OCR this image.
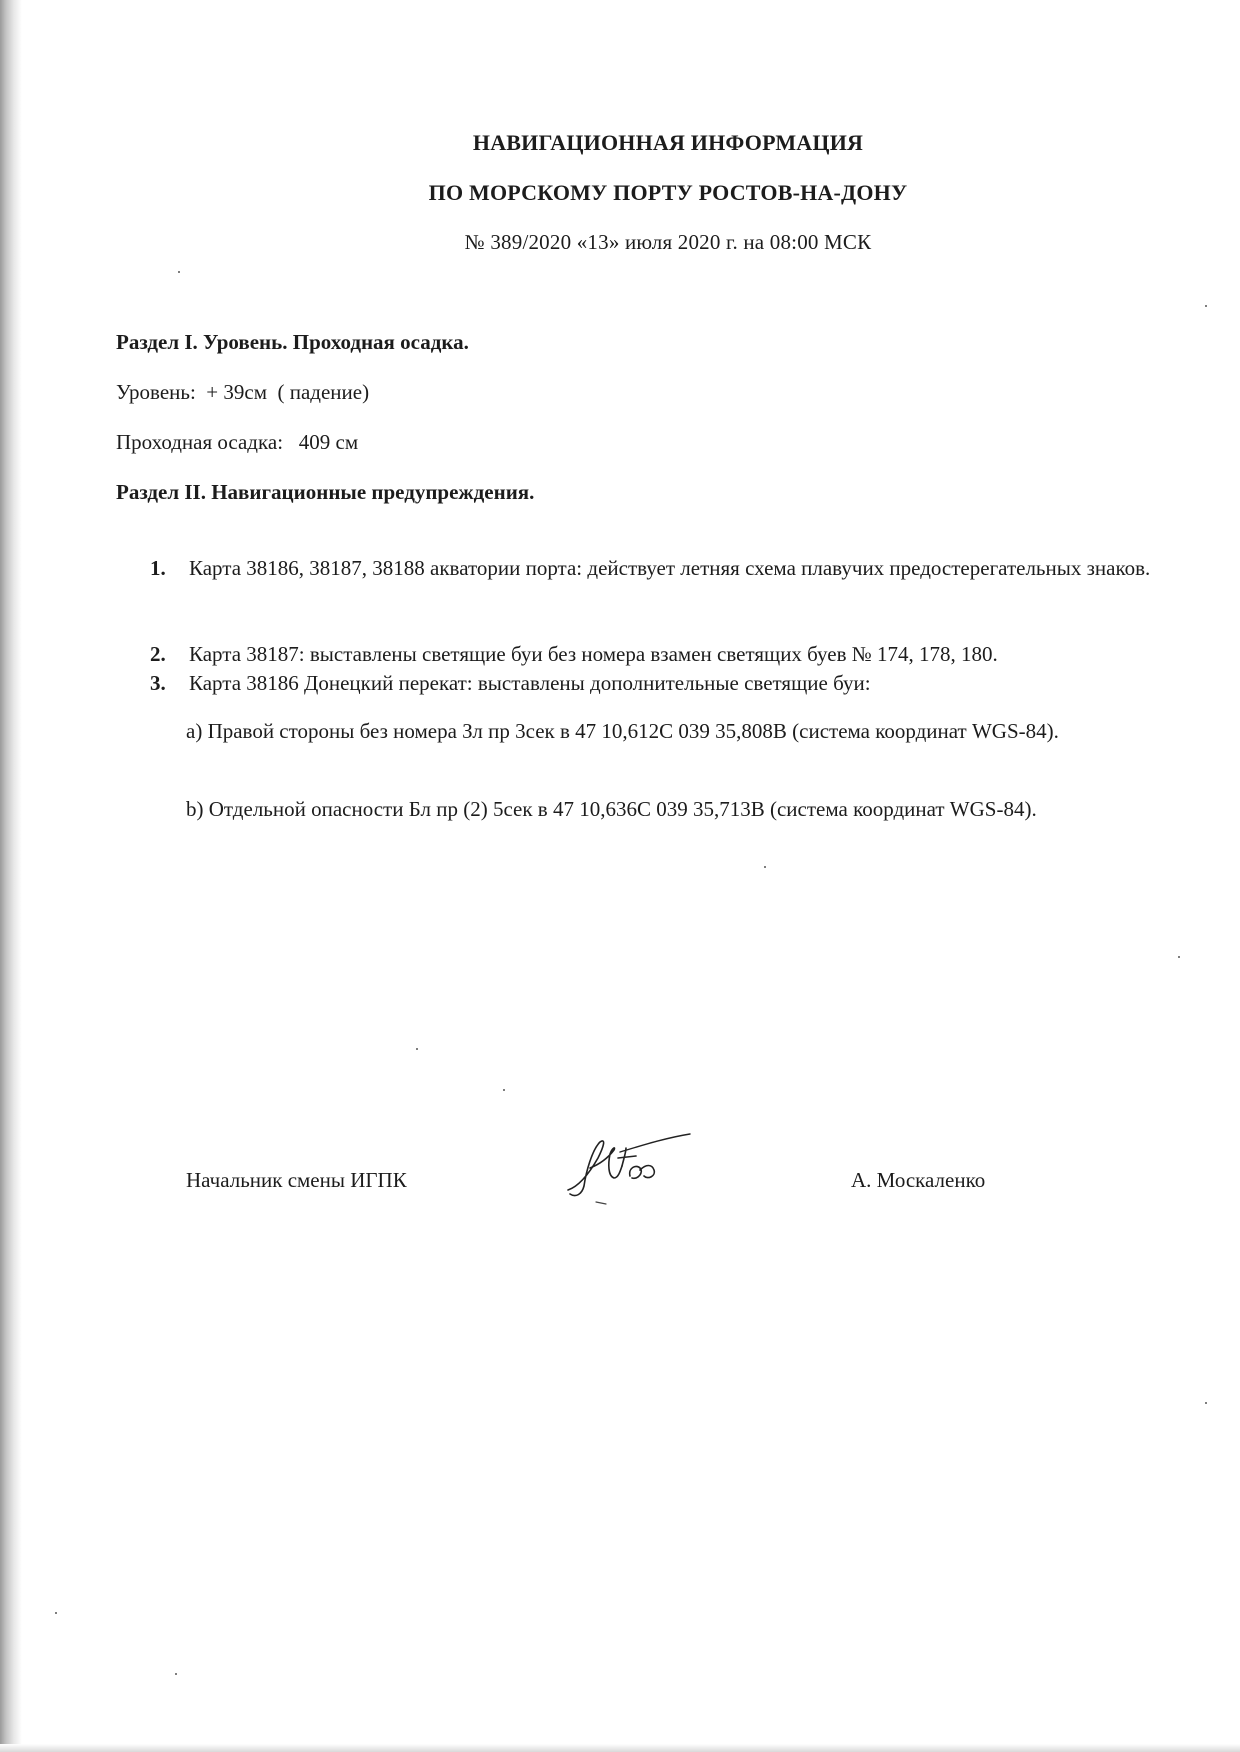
НАВИГАЦИОННАЯ ИНФОРМАЦИЯ
ПО МОРСКОМУ ПОРТУ РОСТОВ-НА-ДОНУ
№ 389/2020 «13» июля 2020 г. на 08:00 МСК
Раздел I. Уровень. Проходная осадка.
Уровень:  + 39см  ( падение)
Проходная осадка:   409 см
Раздел II. Навигационные предупреждения.
1. Карта 38186, 38187, 38188 акватории порта: действует летняя схема плавучих предостерегательных знаков.
2. Карта 38187: выставлены светящие буи без номера взамен светящих буев № 174, 178, 180.
3. Карта 38186 Донецкий перекат: выставлены дополнительные светящие буи:
a) Правой стороны без номера Зл пр 3сек в 47 10,612С 039 35,808В (система координат WGS-84).
b) Отдельной опасности Бл пр (2) 5сек в 47 10,636С 039 35,713В (система координат WGS-84).
Начальник смены ИГПК	А. Москаленко
